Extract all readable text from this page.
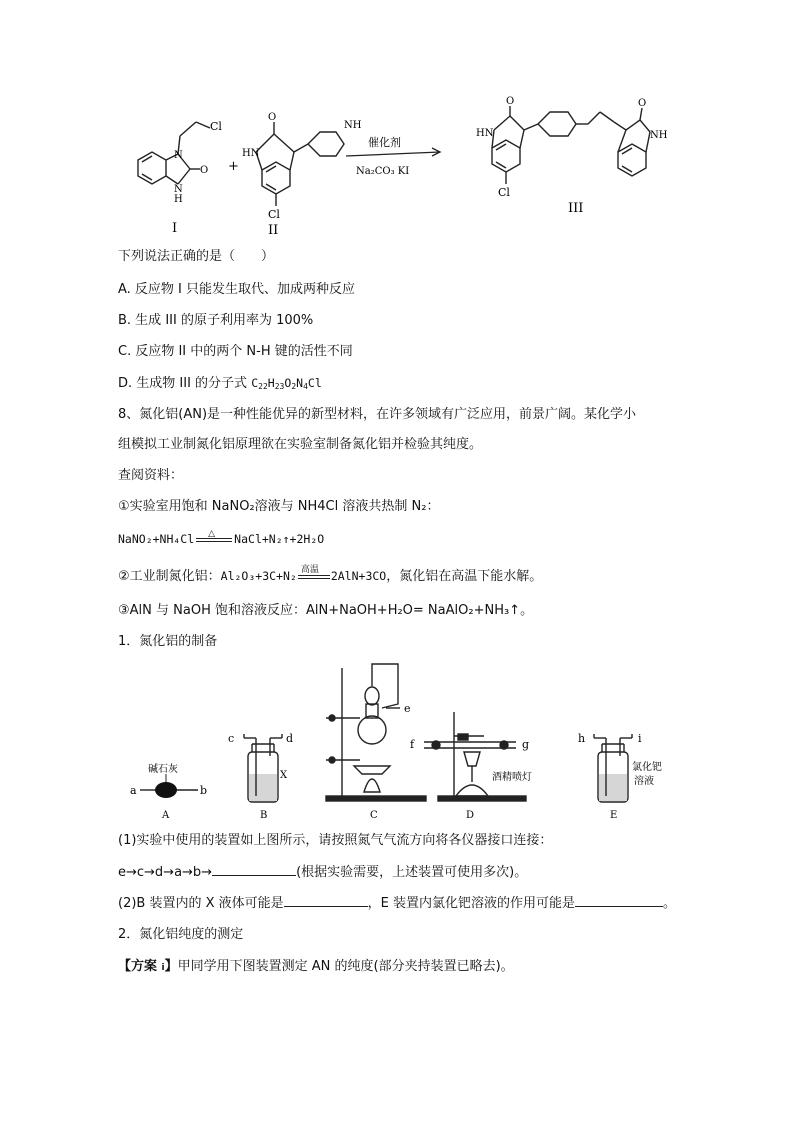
Cl
N
N
H
O
I
+
O
HN
NH
Cl
II
催化剂
Na₂CO₃ KI
O
HN
O
NH
Cl
III
下列说法正确的是（　　）
A. 反应物 I 只能发生取代、加成两种反应
B. 生成 III 的原子利用率为 100%
C. 反应物 II 中的两个 N-H 键的活性不同
D. 生成物 III 的分子式 $C_{22}H_{23}O_2N_4Cl$
8、氮化铝(AN)是一种性能优异的新型材料，在许多领域有广泛应用，前景广阔。某化学小
组模拟工业制氮化铝原理欲在实验室制备氮化铝并检验其纯度。
查阅资料：
①实验室用饱和 NaNO₂溶液与 NH4Cl 溶液共热制 N₂：
NaNO₂+NH₄Cl △ NaCl+N₂↑+2H₂O
②工业制氮化铝：Al₂O₃+3C+N₂ 高温 2AlN+3CO，氮化铝在高温下能水解。
③AlN 与 NaOH 饱和溶液反应：AlN+NaOH+H₂O= NaAlO₂+NH₃↑。
1．氮化铝的制备
碱石灰
a	b
A
c	d
X
B
e
C
f	g
酒精喷灯
D
h	i
氯化钯
溶液
E
(1)实验中使用的装置如上图所示，请按照氮气气流方向将各仪器接口连接：
e→c→d→a→b→	(根据实验需要，上述装置可使用多次)。
(2)B 装置内的 X 液体可能是	，E 装置内氯化钯溶液的作用可能是	。
2．氮化铝纯度的测定
【方案 i】甲同学用下图装置测定 AN 的纯度(部分夹持装置已略去)。
